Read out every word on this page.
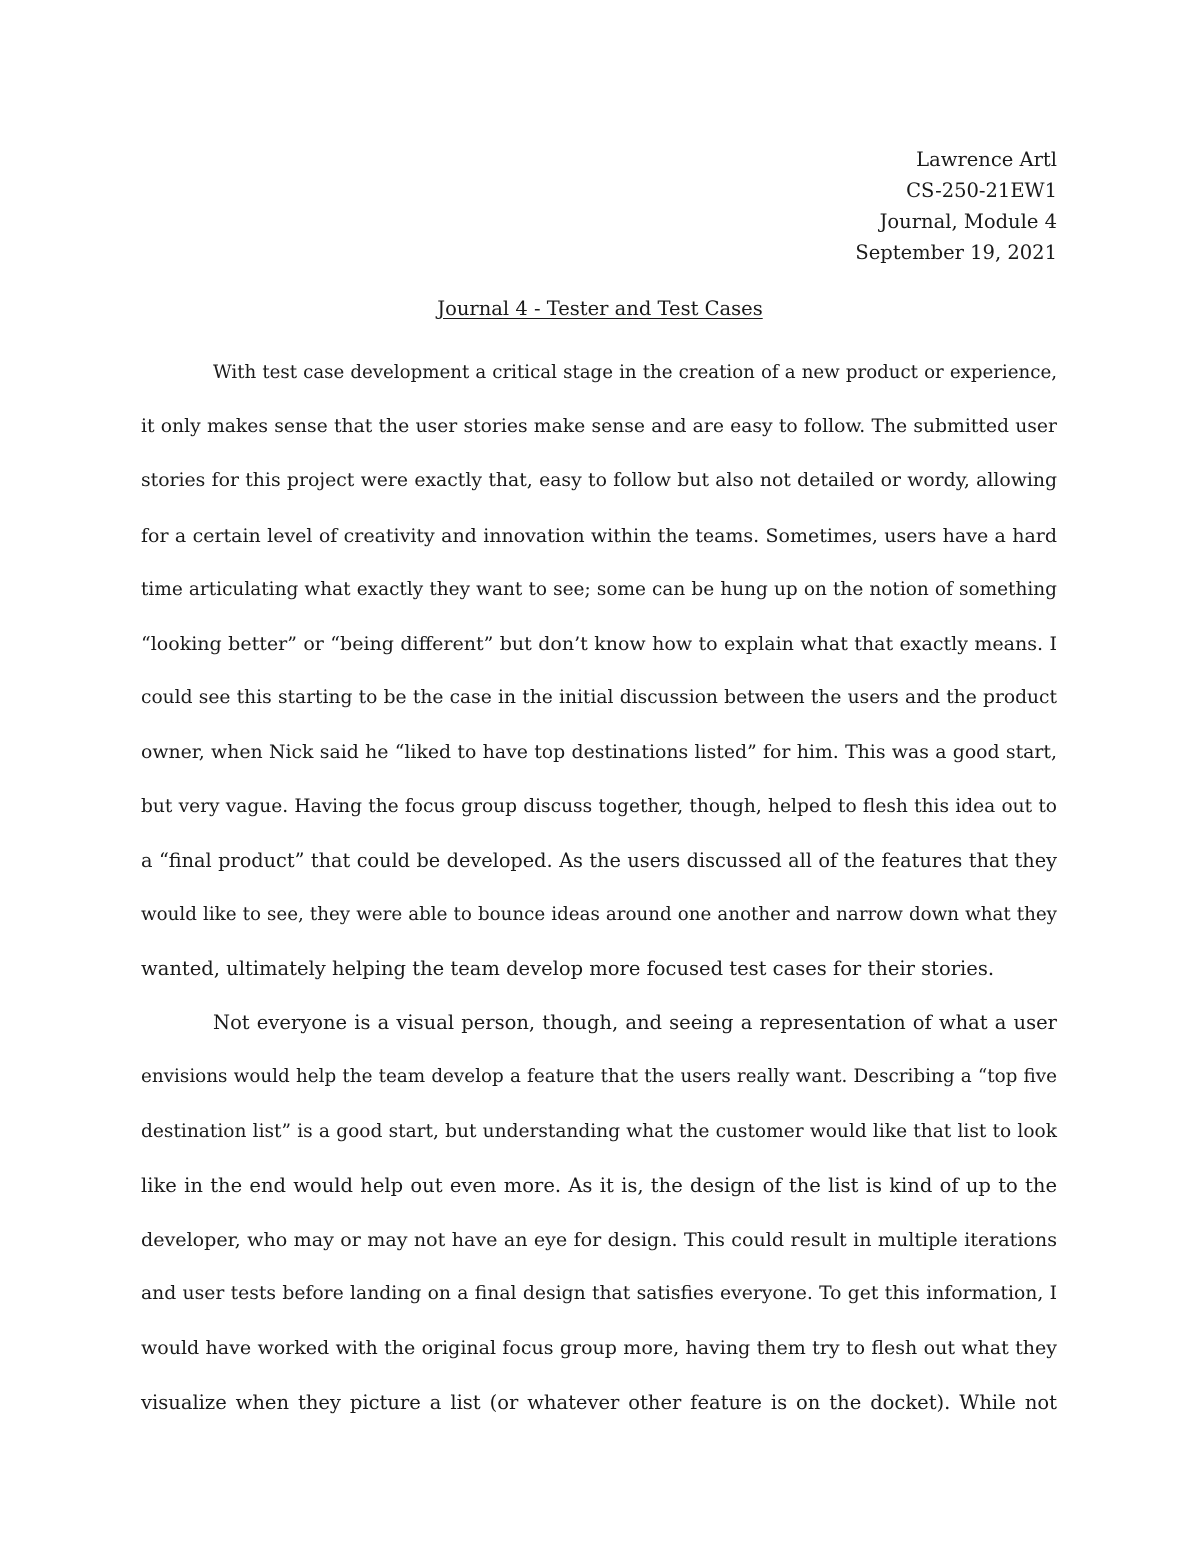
Lawrence Artl
CS-250-21EW1
Journal, Module 4
September 19, 2021
Journal 4 - Tester and Test Cases
With test case development a critical stage in the creation of a new product or experience,
it only makes sense that the user stories make sense and are easy to follow. The submitted user
stories for this project were exactly that, easy to follow but also not detailed or wordy, allowing
for a certain level of creativity and innovation within the teams. Sometimes, users have a hard
time articulating what exactly they want to see; some can be hung up on the notion of something
“looking better” or “being different” but don’t know how to explain what that exactly means. I
could see this starting to be the case in the initial discussion between the users and the product
owner, when Nick said he “liked to have top destinations listed” for him. This was a good start,
but very vague. Having the focus group discuss together, though, helped to flesh this idea out to
a “final product” that could be developed. As the users discussed all of the features that they
would like to see, they were able to bounce ideas around one another and narrow down what they
wanted, ultimately helping the team develop more focused test cases for their stories.
Not everyone is a visual person, though, and seeing a representation of what a user
envisions would help the team develop a feature that the users really want. Describing a “top five
destination list” is a good start, but understanding what the customer would like that list to look
like in the end would help out even more. As it is, the design of the list is kind of up to the
developer, who may or may not have an eye for design. This could result in multiple iterations
and user tests before landing on a final design that satisfies everyone. To get this information, I
would have worked with the original focus group more, having them try to flesh out what they
visualize when they picture a list (or whatever other feature is on the docket). While not
